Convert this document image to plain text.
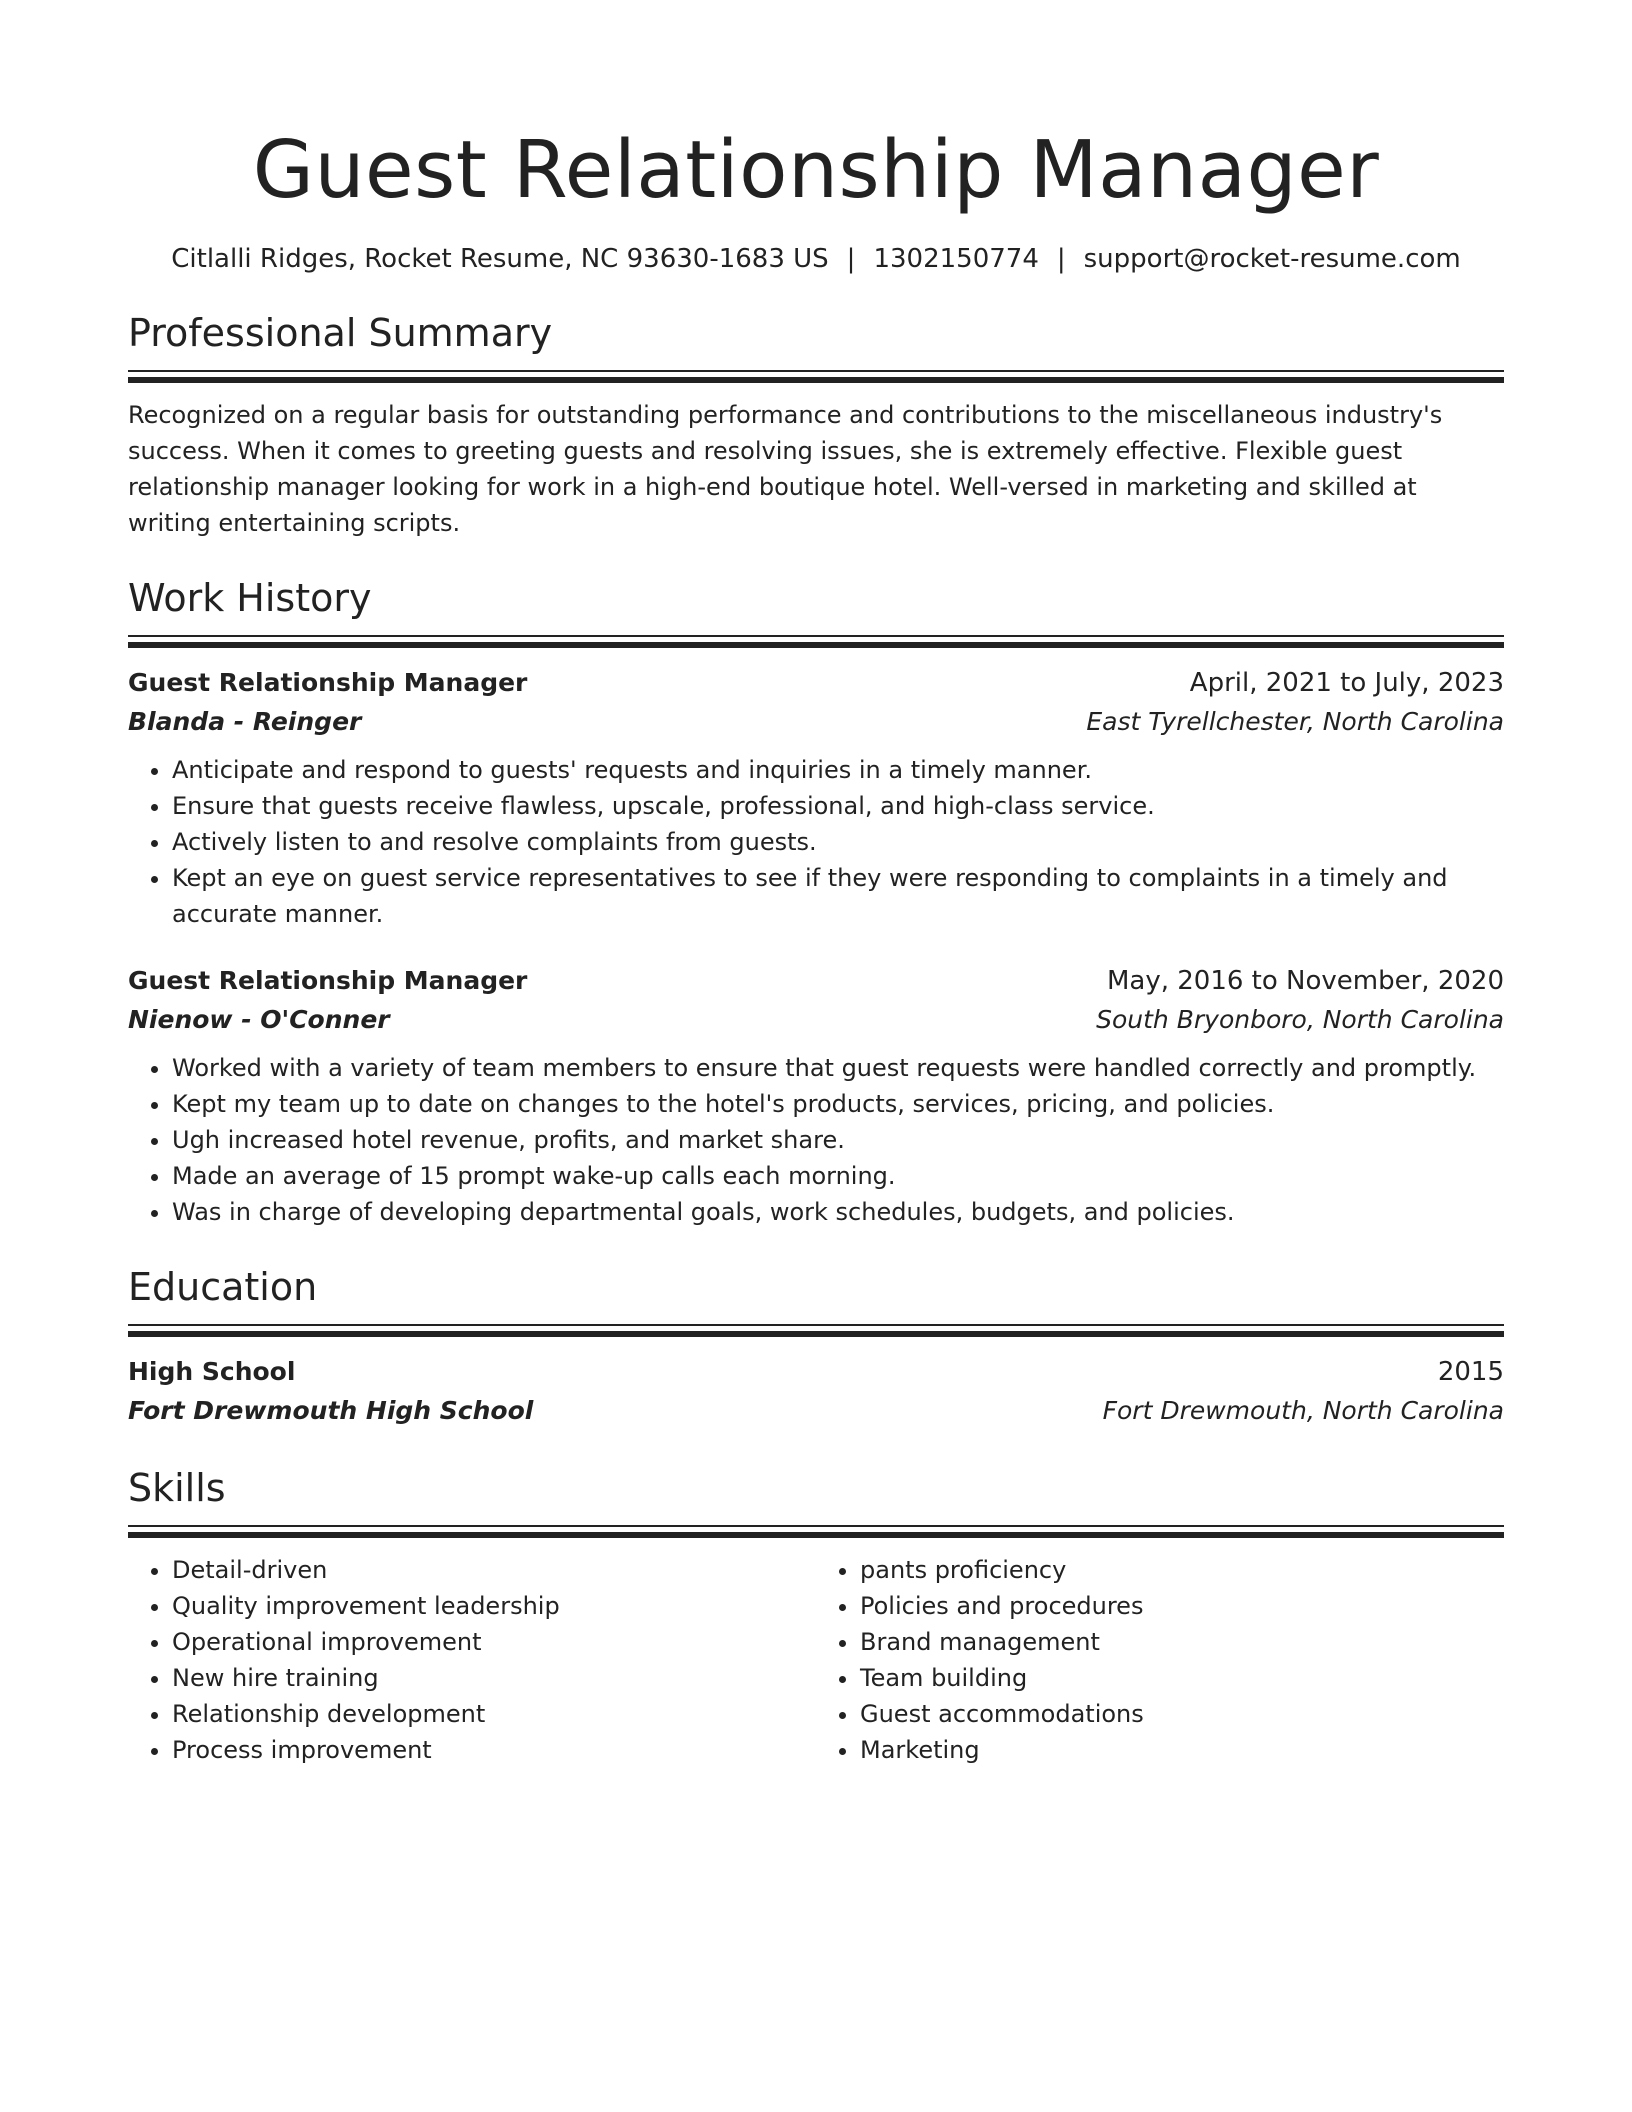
Guest Relationship Manager
Citlalli Ridges, Rocket Resume, NC 93630-1683 US | 1302150774 | support@rocket-resume.com
Professional Summary
Recognized on a regular basis for outstanding performance and contributions to the miscellaneous industry's success. When it comes to greeting guests and resolving issues, she is extremely effective. Flexible guest relationship manager looking for work in a high-end boutique hotel. Well-versed in marketing and skilled at writing entertaining scripts.
Work History
Guest Relationship Manager	April, 2021 to July, 2023
Blanda - Reinger	East Tyrellchester, North Carolina
• Anticipate and respond to guests' requests and inquiries in a timely manner.
• Ensure that guests receive flawless, upscale, professional, and high-class service.
• Actively listen to and resolve complaints from guests.
• Kept an eye on guest service representatives to see if they were responding to complaints in a timely and accurate manner.
Guest Relationship Manager	May, 2016 to November, 2020
Nienow - O'Conner	South Bryonboro, North Carolina
• Worked with a variety of team members to ensure that guest requests were handled correctly and promptly.
• Kept my team up to date on changes to the hotel's products, services, pricing, and policies.
• Ugh increased hotel revenue, profits, and market share.
• Made an average of 15 prompt wake-up calls each morning.
• Was in charge of developing departmental goals, work schedules, budgets, and policies.
Education
High School	2015
Fort Drewmouth High School	Fort Drewmouth, North Carolina
Skills
• Detail-driven
• Quality improvement leadership
• Operational improvement
• New hire training
• Relationship development
• Process improvement
• pants proficiency
• Policies and procedures
• Brand management
• Team building
• Guest accommodations
• Marketing
